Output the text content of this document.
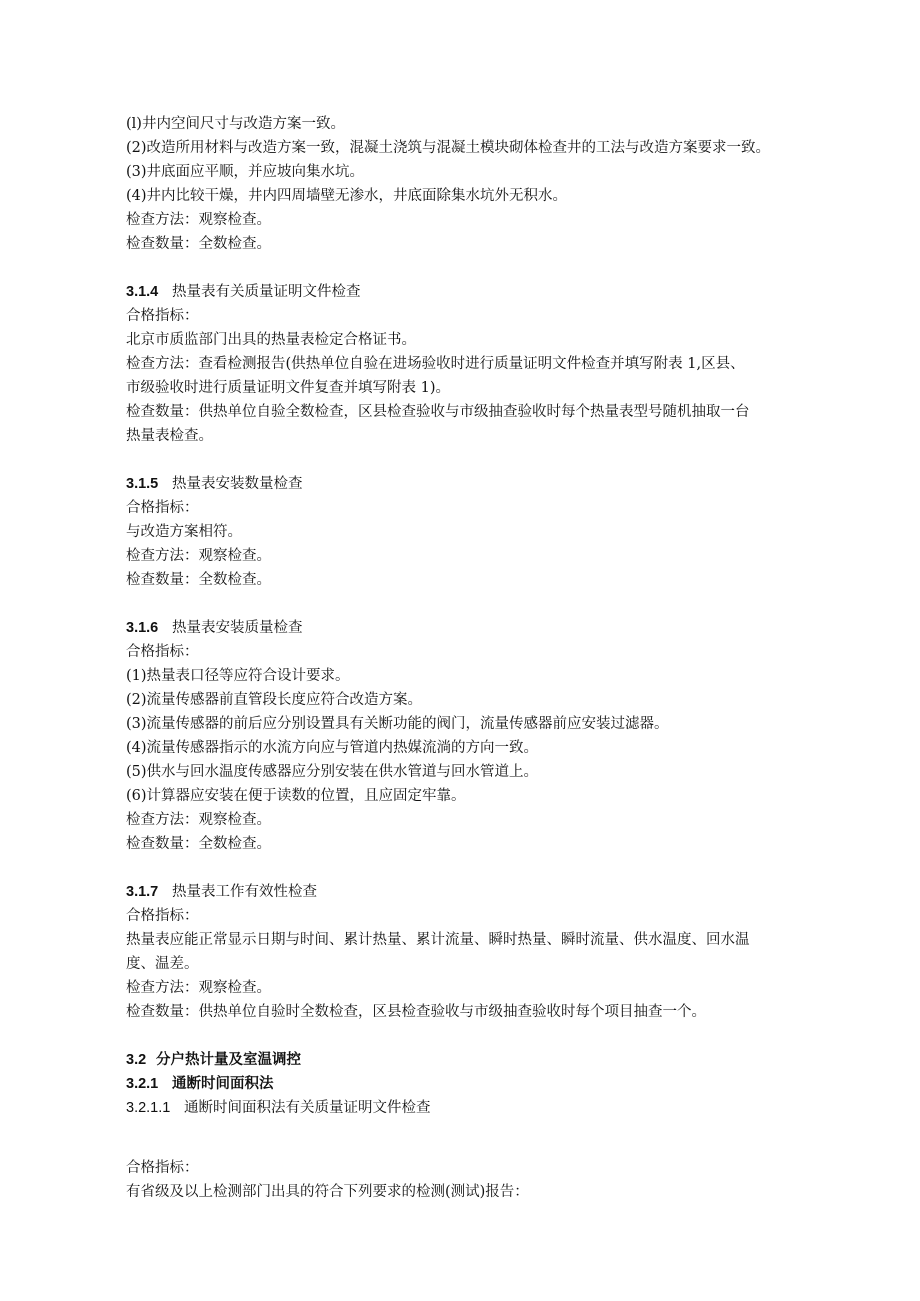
(l)井内空间尺寸与改造方案一致。
(2)改造所用材料与改造方案一致，混凝土浇筑与混凝土模块砌体检查井的工法与改造方案要求一致。
(3)井底面应平顺，并应坡向集水坑。
(4)井内比较干燥，井内四周墙壁无渗水，井底面除集水坑外无积水。
检查方法：观察检查。
检查数量：全数检查。
3.1.4 热量表有关质量证明文件检查
合格指标：
北京市质监部门出具的热量表检定合格证书。
检查方法：查看检测报告(供热单位自验在进场验收时进行质量证明文件检查并填写附表 1,区县、
市级验收时进行质量证明文件复查并填写附表 1)。
检查数量：供热单位自验全数检查，区县检查验收与市级抽查验收时每个热量表型号随机抽取一台
热量表检查。
3.1.5 热量表安装数量检查
合格指标：
与改造方案相符。
检查方法：观察检查。
检查数量：全数检查。
3.1.6 热量表安装质量检查
合格指标：
(1)热量表口径等应符合设计要求。
(2)流量传感器前直管段长度应符合改造方案。
(3)流量传感器的前后应分别设置具有关断功能的阀门，流量传感器前应安装过滤器。
(4)流量传感器指示的水流方向应与管道内热媒流淌的方向一致。
(5)供水与回水温度传感器应分别安装在供水管道与回水管道上。
(6)计算器应安装在便于读数的位置，且应固定牢靠。
检查方法：观察检查。
检查数量：全数检查。
3.1.7 热量表工作有效性检查
合格指标：
热量表应能正常显示日期与时间、累计热量、累计流量、瞬时热量、瞬时流量、供水温度、回水温
度、温差。
检查方法：观察检查。
检查数量：供热单位自验时全数检查，区县检查验收与市级抽查验收时每个项目抽查一个。
3.2 分户热计量及室温调控
3.2.1 通断时间面积法
3.2.1.1 通断时间面积法有关质量证明文件检查
合格指标：
有省级及以上检测部门出具的符合下列要求的检测(测试)报告：
